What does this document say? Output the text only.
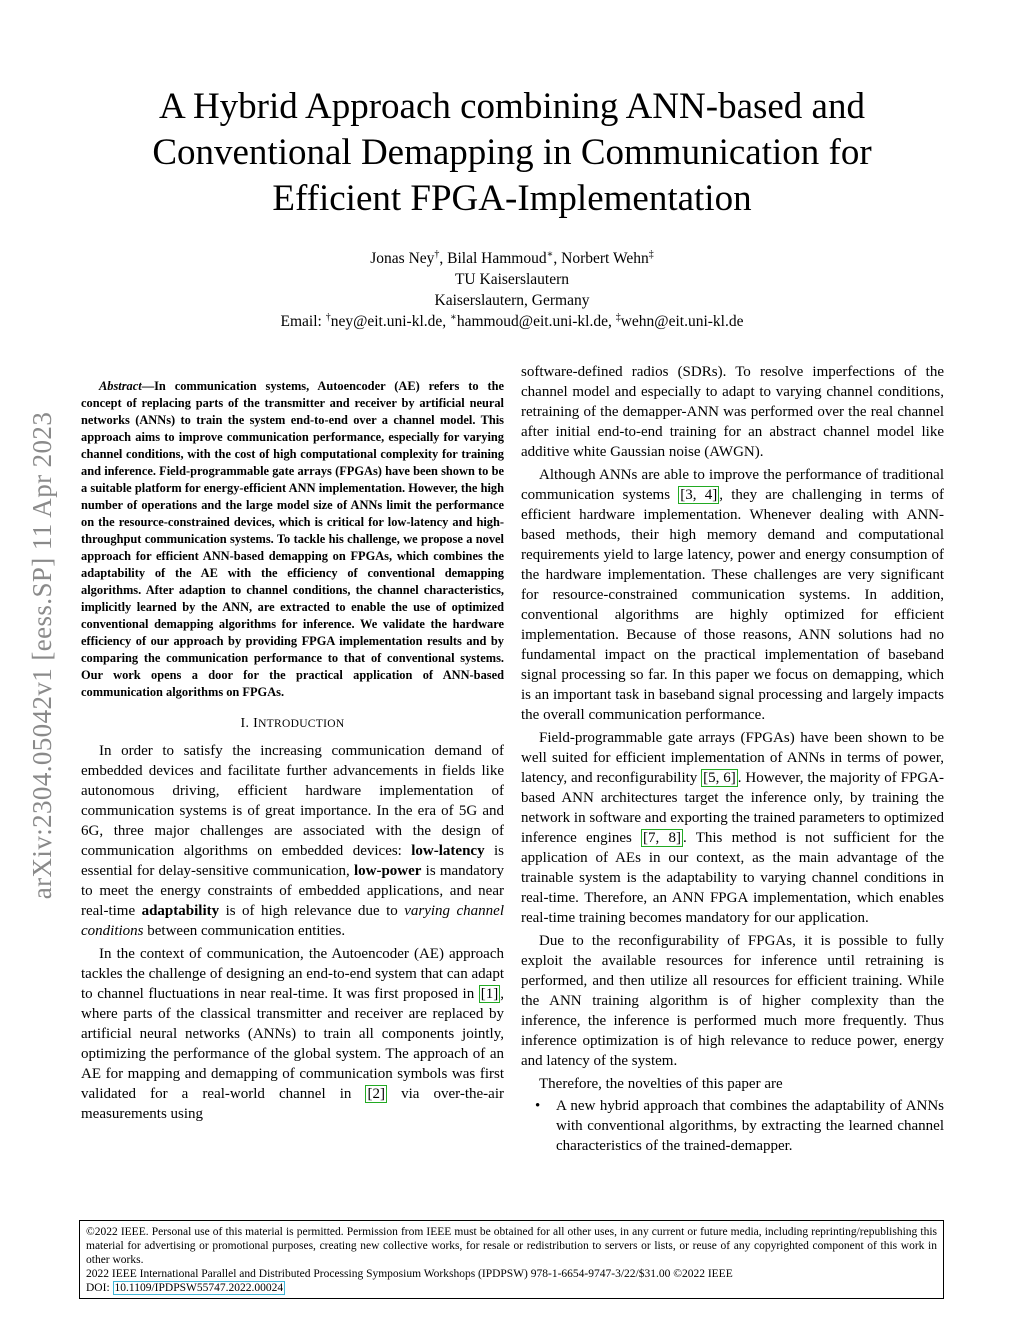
arXiv:2304.05042v1 [eess.SP] 11 Apr 2023
A Hybrid Approach combining ANN-based and
Conventional Demapping in Communication for
Efficient FPGA-Implementation
Jonas Ney†, Bilal Hammoud∗, Norbert Wehn‡
TU Kaiserslautern
Kaiserslautern, Germany
Email: †ney@eit.uni-kl.de, ∗hammoud@eit.uni-kl.de, ‡wehn@eit.uni-kl.de

Abstract—In communication systems, Autoencoder (AE) refers to the concept of replacing parts of the transmitter and receiver by artificial neural networks (ANNs) to train the system end-to-end over a channel model. This approach aims to improve communication performance, especially for varying channel conditions, with the cost of high computational complexity for training and inference. Field-programmable gate arrays (FPGAs) have been shown to be a suitable platform for energy-efficient ANN implementation. However, the high number of operations and the large model size of ANNs limit the performance on the resource-constrained devices, which is critical for low-latency and high-throughput communication systems. To tackle his challenge, we propose a novel approach for efficient ANN-based demapping on FPGAs, which combines the adaptability of the AE with the efficiency of conventional demapping algorithms. After adaption to channel conditions, the channel characteristics, implicitly learned by the ANN, are extracted to enable the use of optimized conventional demapping algorithms for inference. We validate the hardware efficiency of our approach by providing FPGA implementation results and by comparing the communication performance to that of conventional systems. Our work opens a door for the practical application of ANN-based communication algorithms on FPGAs.

I. INTRODUCTION

In order to satisfy the increasing communication demand of embedded devices and facilitate further advancements in fields like autonomous driving, efficient hardware implementation of communication systems is of great importance. In the era of 5G and 6G, three major challenges are associated with the design of communication algorithms on embedded devices: low-latency is essential for delay-sensitive communication, low-power is mandatory to meet the energy constraints of embedded applications, and near real-time adaptability is of high relevance due to varying channel conditions between communication entities.

In the context of communication, the Autoencoder (AE) approach tackles the challenge of designing an end-to-end system that can adapt to channel fluctuations in near real-time. It was first proposed in [1] , where parts of the classical transmitter and receiver are replaced by artificial neural networks (ANNs) to train all components jointly, optimizing the performance of the global system. The approach of an AE for mapping and demapping of communication symbols was first validated for a real-world channel in [2] via over-the-air measurements using

software-defined radios (SDRs). To resolve imperfections of the channel model and especially to adapt to varying channel conditions, retraining of the demapper-ANN was performed over the real channel after initial end-to-end training for an abstract channel model like additive white Gaussian noise (AWGN).

Although ANNs are able to improve the performance of traditional communication systems [3, 4] , they are challenging in terms of efficient hardware implementation. Whenever dealing with ANN-based methods, their high memory demand and computational requirements yield to large latency, power and energy consumption of the hardware implementation. These challenges are very significant for resource-constrained communication systems. In addition, conventional algorithms are highly optimized for efficient implementation. Because of those reasons, ANN solutions had no fundamental impact on the practical implementation of baseband signal processing so far. In this paper we focus on demapping, which is an important task in baseband signal processing and largely impacts the overall communication performance.

Field-programmable gate arrays (FPGAs) have been shown to be well suited for efficient implementation of ANNs in terms of power, latency, and reconfigurability [5, 6] . However, the majority of FPGA-based ANN architectures target the inference only, by training the network in software and exporting the trained parameters to optimized inference engines [7, 8] . This method is not sufficient for the application of AEs in our context, as the main advantage of the trainable system is the adaptability to varying channel conditions in real-time. Therefore, an ANN FPGA implementation, which enables real-time training becomes mandatory for our application.

Due to the reconfigurability of FPGAs, it is possible to fully exploit the available resources for inference until retraining is performed, and then utilize all resources for efficient training. While the ANN training algorithm is of higher complexity than the inference, the inference is performed much more frequently. Thus inference optimization is of high relevance to reduce power, energy and latency of the system.

Therefore, the novelties of this paper are

• A new hybrid approach that combines the adaptability of ANNs with conventional algorithms, by extracting the learned channel characteristics of the trained-demapper.
©2022 IEEE. Personal use of this material is permitted. Permission from IEEE must be obtained for all other uses, in any current or future media, including reprinting/republishing this material for advertising or promotional purposes, creating new collective works, for resale or redistribution to servers or lists, or reuse of any copyrighted component of this work in other works.
2022 IEEE International Parallel and Distributed Processing Symposium Workshops (IPDPSW) 978-1-6654-9747-3/22/$31.00 ©2022 IEEE
DOI: 10.1109/IPDPSW55747.2022.00024
